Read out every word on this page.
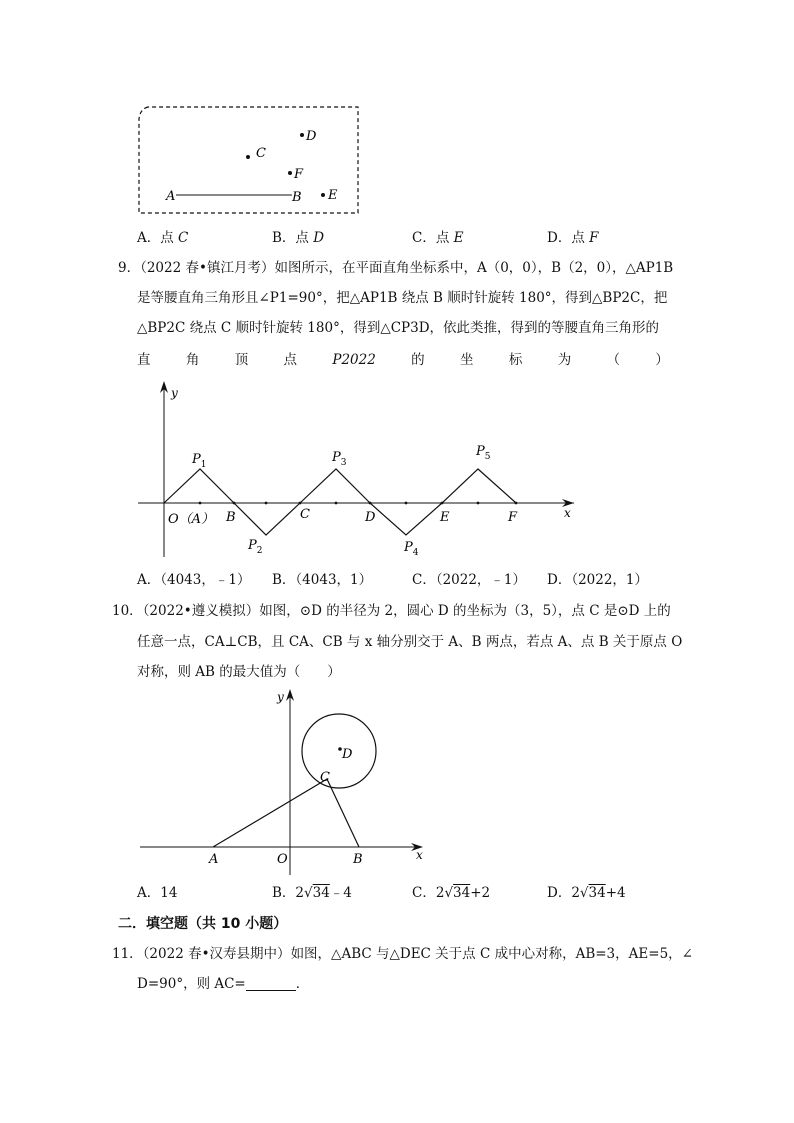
A	B
C
D
E
F
A．点 C	B．点 D	C．点 E	D．点 F
9．（2022 春•镇江月考）如图所示，在平面直角坐标系中，A（0，0），B（2，0），△AP1B
是等腰直角三角形且∠P1=90°，把△AP1B 绕点 B 顺时针旋转 180°，得到△BP2C，把
△BP2C 绕点 C 顺时针旋转 180°，得到△CP3D，依此类推，得到的等腰直角三角形的
直	角	顶	点	P2022	的	坐	标	为	（	）
y
x
O（A） B	C	D	E	F
$P_1$
$P_2$
$P_3$
$P_4$
$P_5$
A．（4043，﹣1） B．（4043，1）	C．（2022，﹣1） D．（2022，1）
10．（2022•遵义模拟）如图，⊙D 的半径为 2，圆心 D 的坐标为（3，5），点 C 是⊙D 上的
任意一点，CA⊥CB，且 CA、CB 与 x 轴分别交于 A、B 两点，若点 A、点 B 关于原点 O
对称，则 AB 的最大值为（　　）
y
x
O
A	B
C
D
A．14	B．2√34﹣4	C．2√34+2	D．2√34+4
二．填空题（共 10 小题）
11．（2022 春•汉寿县期中）如图，△ABC 与△DEC 关于点 C 成中心对称，AB=3，AE=5，∠
D=90°，则 AC=	．
